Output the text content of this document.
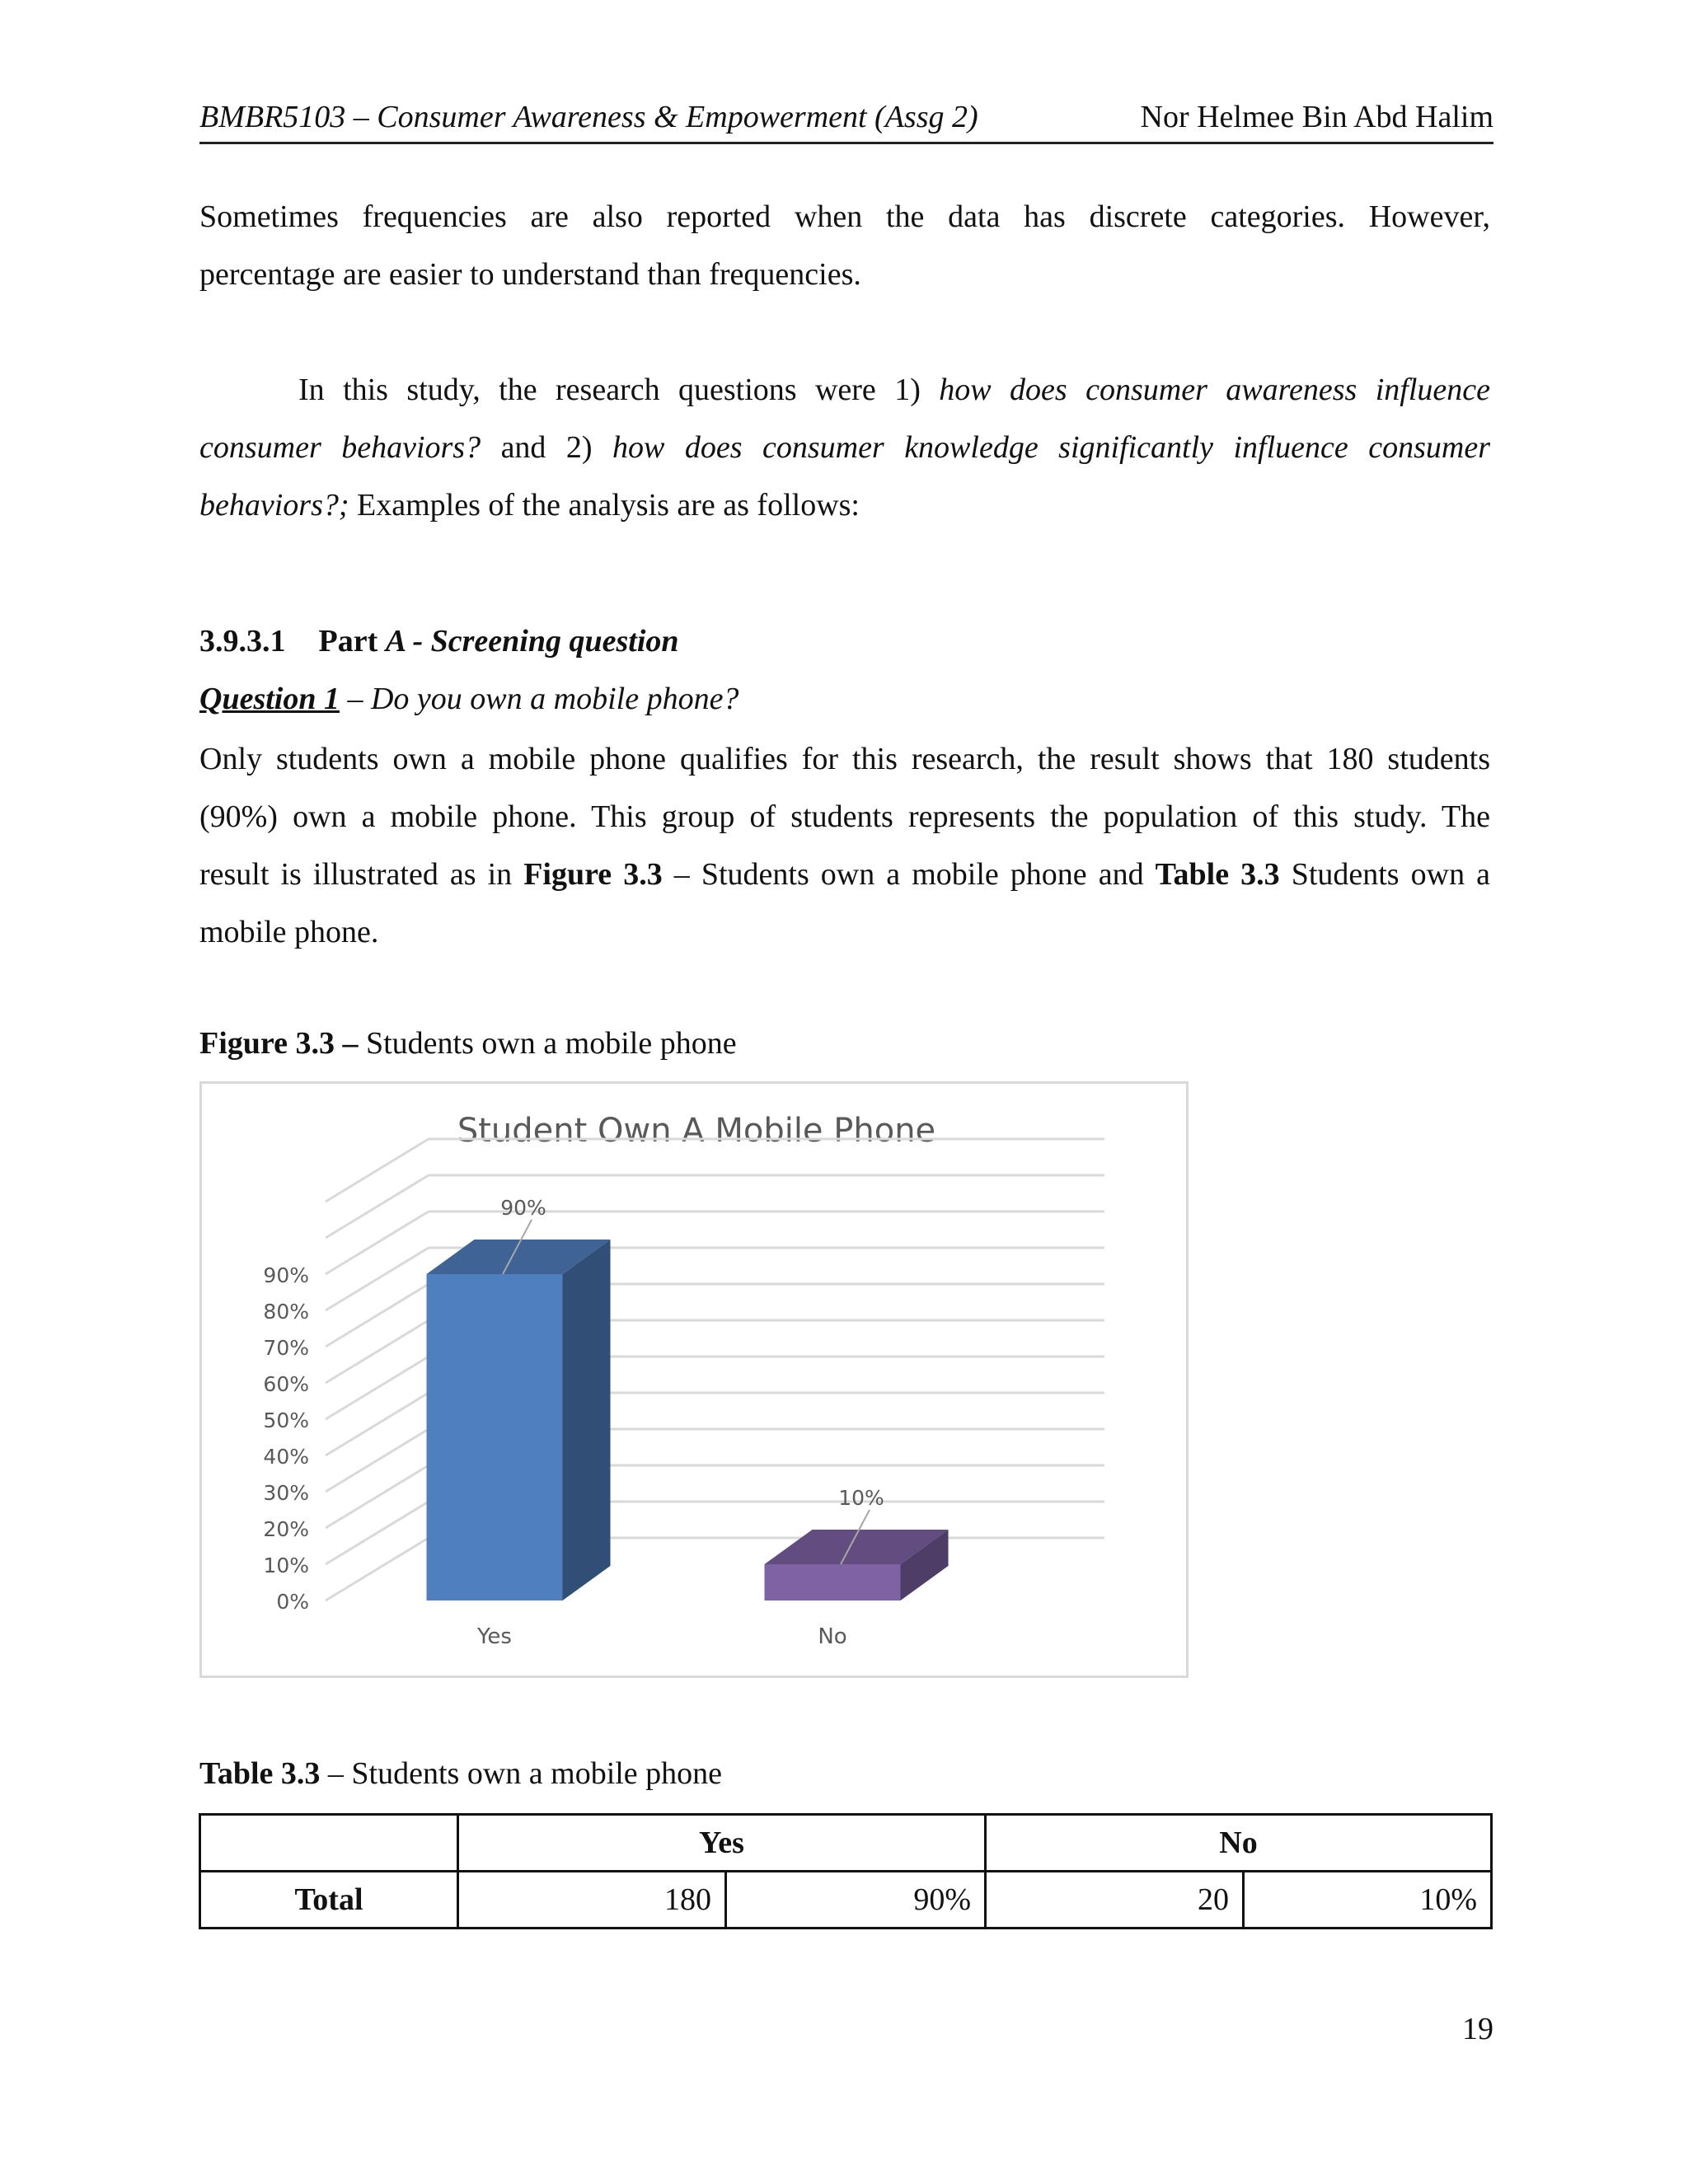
BMBR5103 – Consumer Awareness & Empowerment (Assg 2)	Nor Helmee Bin Abd Halim
Sometimes frequencies are also reported when the data has discrete categories. However,
percentage are easier to understand than frequencies.
In this study, the research questions were 1) how does consumer awareness influence
consumer behaviors? and 2) how does consumer knowledge significantly influence consumer
behaviors?; Examples of the analysis are as follows:
3.9.3.1 Part A - Screening question
Question 1 – Do you own a mobile phone?
Only students own a mobile phone qualifies for this research, the result shows that 180 students
(90%) own a mobile phone. This group of students represents the population of this study. The
result is illustrated as in Figure 3.3 – Students own a mobile phone and Table 3.3 Students own a
mobile phone.
Figure 3.3 – Students own a mobile phone
Student Own A Mobile Phone
0%
10%
20%
30%
40%
50%
60%
70%
80%
90%
90%
10%
Yes	No
Table 3.3 – Students own a mobile phone
	Yes		No	
Total	180	90%	20	10%
19
